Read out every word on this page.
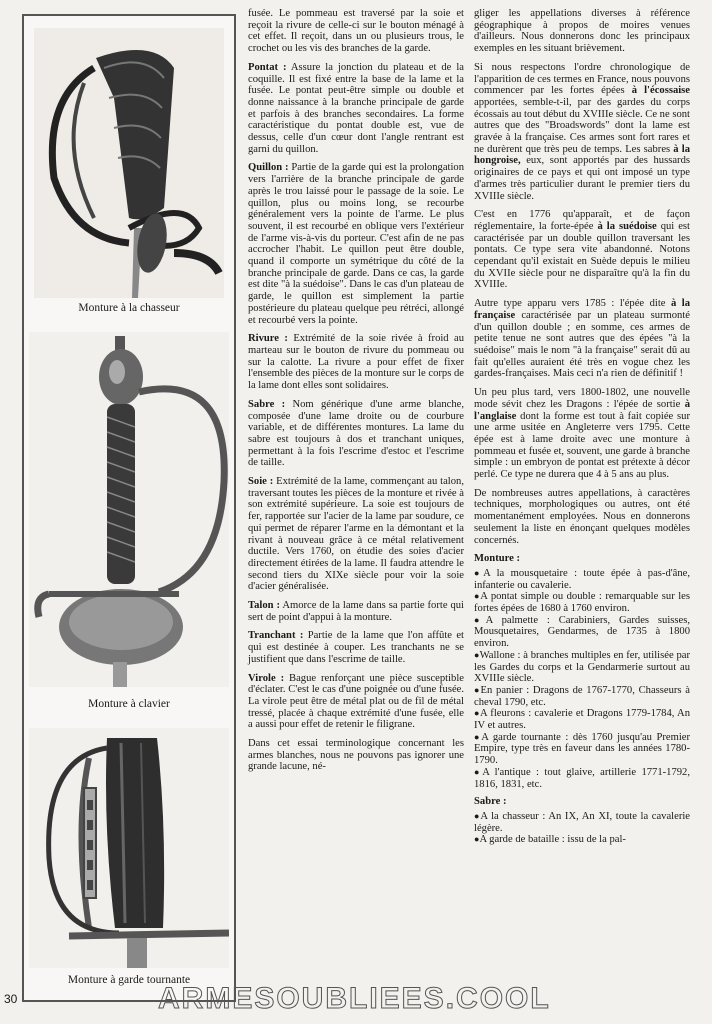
Monture à la chasseur
Monture à clavier
Monture à garde tournante

fusée. Le pommeau est traversé par la soie et reçoit la rivure de celle-ci sur le bouton ménagé à cet effet. Il reçoit, dans un ou plusieurs trous, le crochet ou les vis des branches de la garde.

Pontat : Assure la jonction du plateau et de la coquille. Il est fixé entre la base de la lame et la fusée. Le pontat peut-être simple ou double et donne naissance à la branche principale de garde et parfois à des branches secondaires. La forme caractéristique du pontat double est, vue de dessus, celle d'un cœur dont l'angle rentrant est garni du quillon.

Quillon : Partie de la garde qui est la prolongation vers l'arrière de la branche principale de garde après le trou laissé pour le passage de la soie. Le quillon, plus ou moins long, se recourbe généralement vers la pointe de l'arme. Le plus souvent, il est recourbé en oblique vers l'extérieur de l'arme vis-à-vis du porteur. C'est afin de ne pas accrocher l'habit. Le quillon peut être double, quand il comporte un symétrique du côté de la branche principale de garde. Dans ce cas, la garde est dite "à la suédoise". Dans le cas d'un plateau de garde, le quillon est simplement la partie postérieure du plateau quelque peu rétréci, allongé et recourbé vers la pointe.

Rivure : Extrémité de la soie rivée à froid au marteau sur le bouton de rivure du pommeau ou sur la calotte. La rivure a pour effet de fixer l'ensemble des pièces de la monture sur le corps de la lame dont elles sont solidaires.

Sabre : Nom générique d'une arme blanche, composée d'une lame droite ou de courbure variable, et de différentes montures. La lame du sabre est toujours à dos et tranchant uniques, permettant à la fois l'escrime d'estoc et l'escrime de taille.

Soie : Extrémité de la lame, commençant au talon, traversant toutes les pièces de la monture et rivée à son extrémité supérieure. La soie est toujours de fer, rapportée sur l'acier de la lame par soudure, ce qui permet de réparer l'arme en la démontant et la rivant à nouveau grâce à ce métal relativement ductile. Vers 1760, on étudie des soies d'acier directement étirées de la lame. Il faudra attendre le second tiers du XIXe siècle pour voir la soie d'acier généralisée.

Talon : Amorce de la lame dans sa partie forte qui sert de point d'appui à la monture.

Tranchant : Partie de la lame que l'on affûte et qui est destinée à couper. Les tranchants ne se justifient que dans l'escrime de taille.

Virole : Bague renforçant une pièce susceptible d'éclater. C'est le cas d'une poignée ou d'une fusée. La virole peut être de métal plat ou de fil de métal tressé, placée à chaque extrémité d'une fusée, elle a aussi pour effet de retenir le filigrane.

Dans cet essai terminologique concernant les armes blanches, nous ne pouvons pas ignorer une grande lacune, né-

gliger les appellations diverses à référence géographique à propos de moires venues d'ailleurs. Nous donnerons donc les principaux exemples en les situant brièvement.

Si nous respectons l'ordre chronologique de l'apparition de ces termes en France, nous pouvons commencer par les fortes épées à l'écossaise apportées, semble-t-il, par des gardes du corps écossais au tout début du XVIIIe siècle. Ce ne sont autres que des "Broadswords" dont la lame est gravée à la française. Ces armes sont fort rares et ne durèrent que très peu de temps. Les sabres à la hongroise, eux, sont apportés par des hussards originaires de ce pays et qui ont imposé un type d'armes très particulier durant le premier tiers du XVIIIe siècle.

C'est en 1776 qu'apparaît, et de façon réglementaire, la forte-épée à la suédoise qui est caractérisée par un double quillon traversant les pontats. Ce type sera vite abandonné. Notons cependant qu'il existait en Suède depuis le milieu du XVIIe siècle pour ne disparaître qu'à la fin du XVIIIe.

Autre type apparu vers 1785 : l'épée dite à la française caractérisée par un plateau surmonté d'un quillon double ; en somme, ces armes de petite tenue ne sont autres que des épées "à la suédoise" mais le nom "à la française" serait dû au fait qu'elles auraient été très en vogue chez les gardes-françaises. Mais ceci n'a rien de définitif !

Un peu plus tard, vers 1800-1802, une nouvelle mode sévit chez les Dragons : l'épée de sortie à l'anglaise dont la forme est tout à fait copiée sur une arme usitée en Angleterre vers 1795. Cette épée est à lame droite avec une monture à pommeau et fusée et, souvent, une garde à branche simple : un embryon de pontat est prétexte à décor perlé. Ce type ne durera que 4 à 5 ans au plus.

De nombreuses autres appellations, à caractères techniques, morphologiques ou autres, ont été momentanément employées. Nous en donnerons seulement la liste en énonçant quelques modèles concernés.

Monture :
● A la mousquetaire : toute épée à pas-d'âne, infanterie ou cavalerie.
● A pontat simple ou double : remarquable sur les fortes épées de 1680 à 1760 environ.
● A palmette : Carabiniers, Gardes suisses, Mousquetaires, Gendarmes, de 1735 à 1800 environ.
● Wallone : à branches multiples en fer, utilisée par les Gardes du corps et la Gendarmerie surtout au XVIIIe siècle.
● En panier : Dragons de 1767-1770, Chasseurs à cheval 1790, etc.
● A fleurons : cavalerie et Dragons 1779-1784, An IV et autres.
● A garde tournante : dès 1760 jusqu'au Premier Empire, type très en faveur dans les années 1780-1790.
● A l'antique : tout glaive, artillerie 1771-1792, 1816, 1831, etc.
Sabre :
● A la chasseur : An IX, An XI, toute la cavalerie légère.
● A garde de bataille : issu de la pal-
30	ARMESOUBLIEES.COOL
